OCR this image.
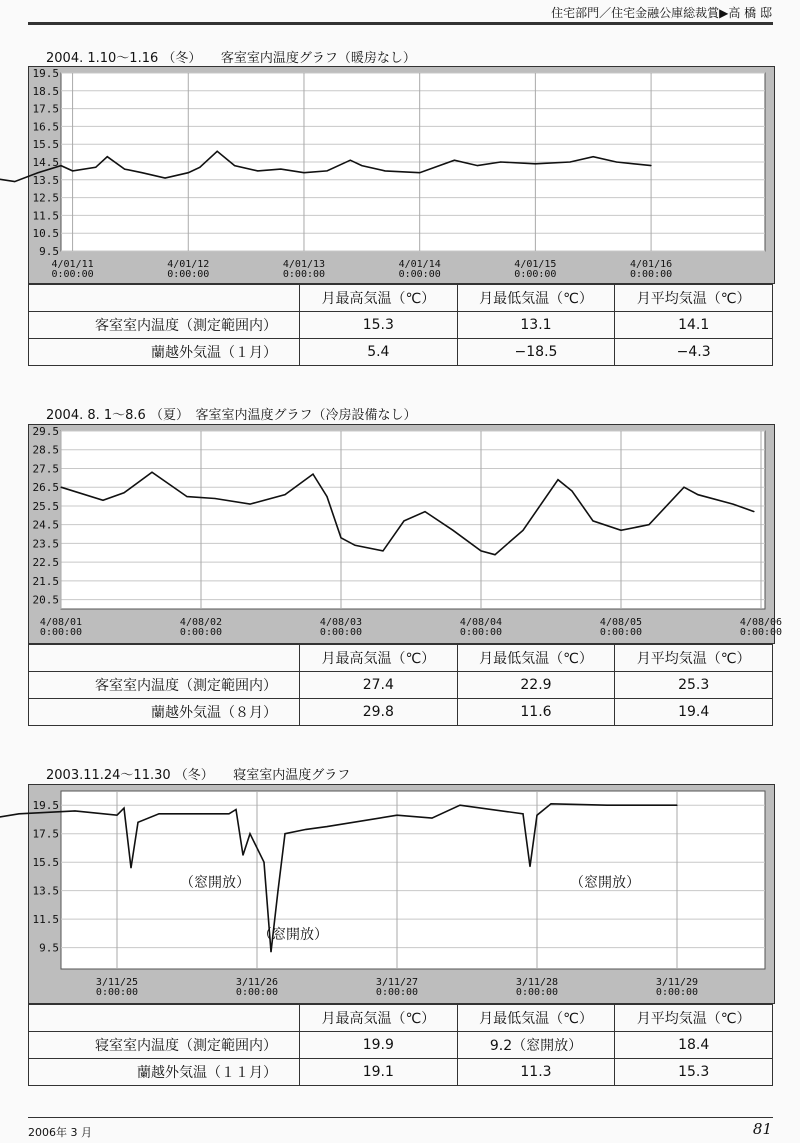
住宅部門／住宅金融公庫総裁賞▶高 橋 邸
2004. 1.10～1.16 （冬）　　客室室内温度グラフ（暖房なし）
19.5
18.5
17.5
16.5
15.5
14.5
13.5
12.5
11.5
10.5
9.5
4/01/11
0:00:00
4/01/12
0:00:00
4/01/13
0:00:00
4/01/14
0:00:00
4/01/15
0:00:00
4/01/16
0:00:00
	月最高気温（℃）	月最低気温（℃）	月平均気温（℃）
客室室内温度（測定範囲内）	15.3	13.1	14.1
蘭越外気温（１月）	5.4	−18.5	−4.3
2004. 8. 1～8.6 （夏）　客室室内温度グラフ（冷房設備なし）
29.5
28.5
27.5
26.5
25.5
24.5
23.5
22.5
21.5
20.5
4/08/01
0:00:00
4/08/02
0:00:00
4/08/03
0:00:00
4/08/04
0:00:00
4/08/05
0:00:00
4/08/06
0:00:00
	月最高気温（℃）	月最低気温（℃）	月平均気温（℃）
客室室内温度（測定範囲内）	27.4	22.9	25.3
蘭越外気温（８月）	29.8	11.6	19.4
2003.11.24～11.30 （冬）　　寝室室内温度グラフ
19.5
17.5
15.5
13.5
11.5
9.5
3/11/25
0:00:00
3/11/26
0:00:00
3/11/27
0:00:00
3/11/28
0:00:00
3/11/29
0:00:00
（窓開放）
（窓開放）
（窓開放）
	月最高気温（℃）	月最低気温（℃）	月平均気温（℃）
寝室室内温度（測定範囲内）	19.9	9.2（窓開放）	18.4
蘭越外気温（１１月）	19.1	11.3	15.3
2006年 3 月	81
